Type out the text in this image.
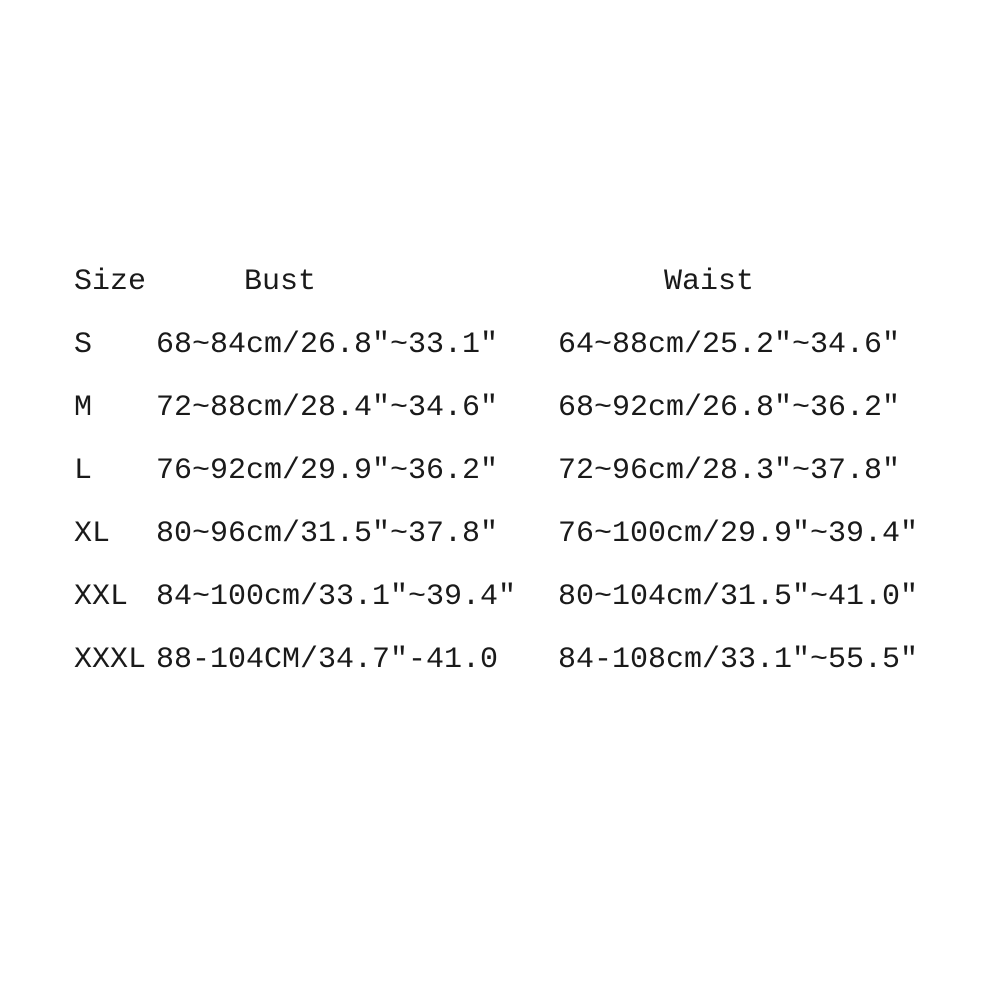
Size	Bust	Waist
S 68~84cm/26.8"~33.1" 64~88cm/25.2"~34.6"
M 72~88cm/28.4"~34.6" 68~92cm/26.8"~36.2"
L 76~92cm/29.9"~36.2" 72~96cm/28.3"~37.8"
XL 80~96cm/31.5"~37.8" 76~100cm/29.9"~39.4"
XXL 84~100cm/33.1"~39.4" 80~104cm/31.5"~41.0"
XXXL 88-104CM/34.7"-41.0 84-108cm/33.1"~55.5"
